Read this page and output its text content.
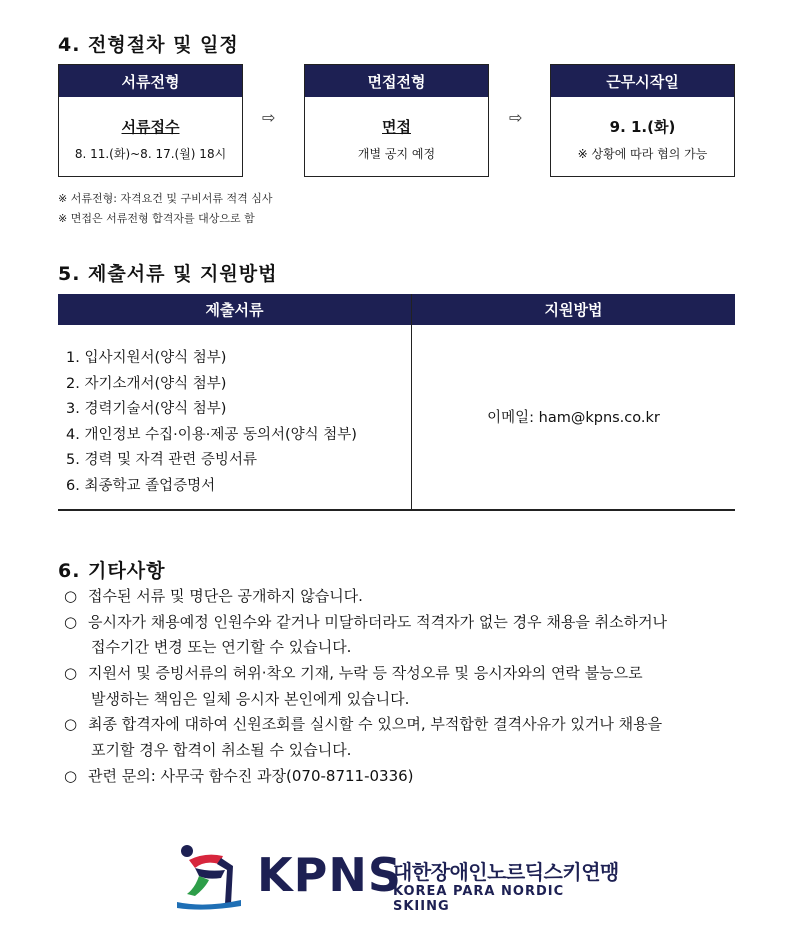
4. 전형절차 및 일정
서류전형
서류접수
8. 11.(화)~8. 17.(월) 18시
⇨
면접전형
면접
개별 공지 예정
⇨
근무시작일
9. 1.(화)
※ 상황에 따라 협의 가능
※ 서류전형: 자격요건 및 구비서류 적격 심사
※ 면접은 서류전형 합격자를 대상으로 함
5. 제출서류 및 지원방법
제출서류	지원방법
1. 입사지원서(양식 첨부)
2. 자기소개서(양식 첨부)
3. 경력기술서(양식 첨부)
4. 개인정보 수집·이용·제공 동의서(양식 첨부)
5. 경력 및 자격 관련 증빙서류
6. 최종학교 졸업증명서
이메일: ham@kpns.co.kr
6. 기타사항
○ 접수된 서류 및 명단은 공개하지 않습니다.
○ 응시자가 채용예정 인원수와 같거나 미달하더라도 적격자가 없는 경우 채용을 취소하거나
접수기간 변경 또는 연기할 수 있습니다.
○ 지원서 및 증빙서류의 허위·착오 기재, 누락 등 작성오류 및 응시자와의 연락 불능으로
발생하는 책임은 일체 응시자 본인에게 있습니다.
○ 최종 합격자에 대하여 신원조회를 실시할 수 있으며, 부적합한 결격사유가 있거나 채용을
포기할 경우 합격이 취소될 수 있습니다.
○ 관련 문의: 사무국 함수진 과장(070-8711-0336)
KPNS
대한장애인노르딕스키연맹
KOREA PARA NORDIC SKIING
